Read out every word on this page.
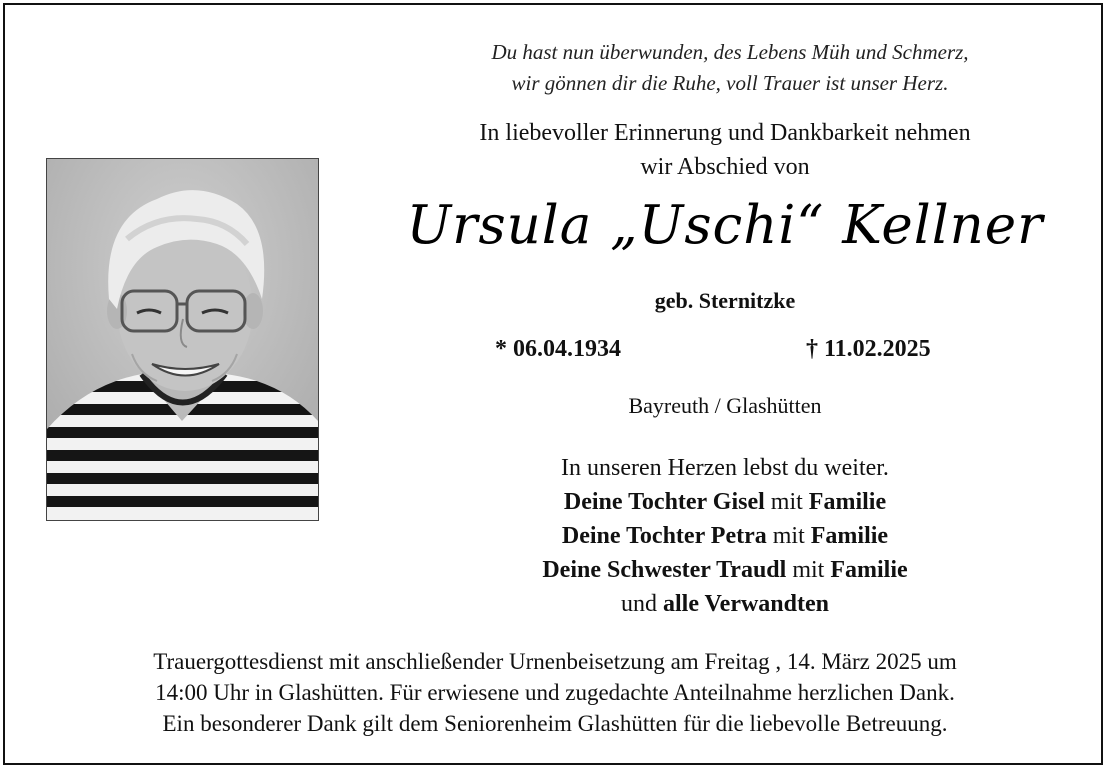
Du hast nun überwunden, des Lebens Müh und Schmerz,
wir gönnen dir die Ruhe, voll Trauer ist unser Herz.
In liebevoller Erinnerung und Dankbarkeit nehmen
wir Abschied von
Ursula „Uschi“ Kellner
geb. Sternitzke
* 06.04.1934	† 11.02.2025
Bayreuth / Glashütten
In unseren Herzen lebst du weiter.
Deine Tochter Gisel mit Familie
Deine Tochter Petra mit Familie
Deine Schwester Traudl mit Familie
und alle Verwandten
Trauergottesdienst mit anschließender Urnenbeisetzung am Freitag , 14. März 2025 um
14:00 Uhr in Glashütten. Für erwiesene und zugedachte Anteilnahme herzlichen Dank.
Ein besonderer Dank gilt dem Seniorenheim Glashütten für die liebevolle Betreuung.
